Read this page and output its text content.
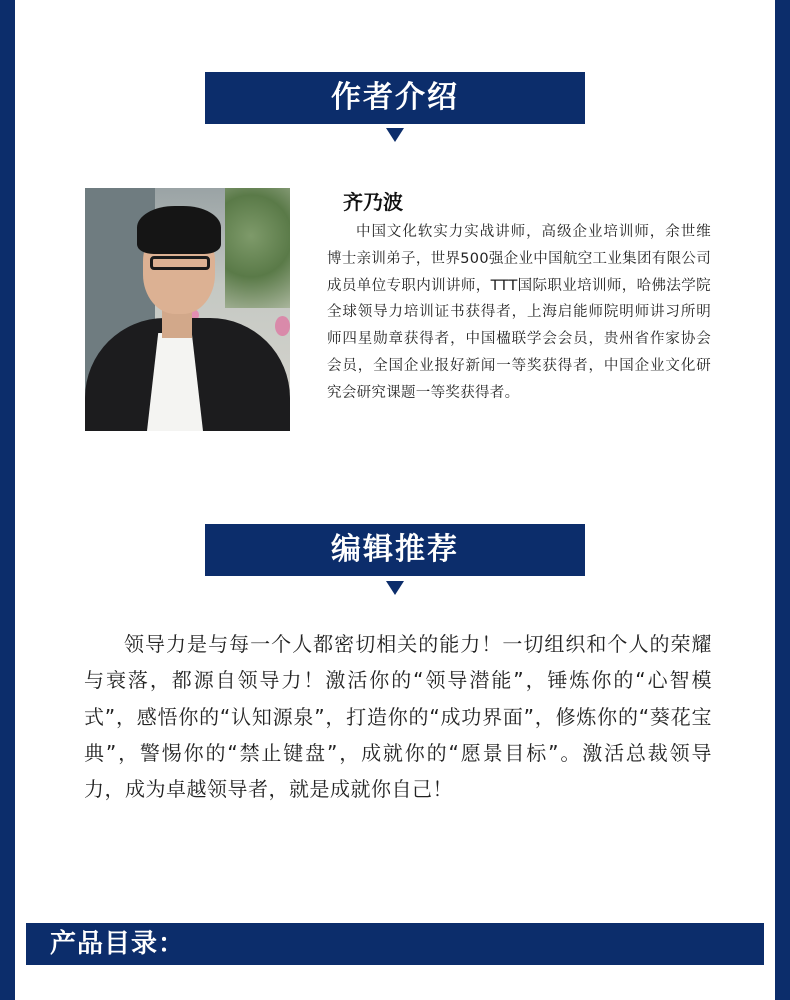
作者介绍
齐乃波

中国文化软实力实战讲师，高级企业培训师，余世维博士亲训弟子，世界500强企业中国航空工业集团有限公司成员单位专职内训讲师，TTT国际职业培训师，哈佛法学院全球领导力培训证书获得者，上海启能师院明师讲习所明师四星勋章获得者，中国楹联学会会员，贵州省作家协会会员，全国企业报好新闻一等奖获得者，中国企业文化研究会研究课题一等奖获得者。

编辑推荐

领导力是与每一个人都密切相关的能力！一切组织和个人的荣耀与衰落，都源自领导力！激活你的“领导潜能”，锤炼你的“心智模式”，感悟你的“认知源泉”，打造你的“成功界面”，修炼你的“葵花宝典”，警惕你的“禁止键盘”，成就你的“愿景目标”。激活总裁领导力，成为卓越领导者，就是成就你自己！

产品目录：
